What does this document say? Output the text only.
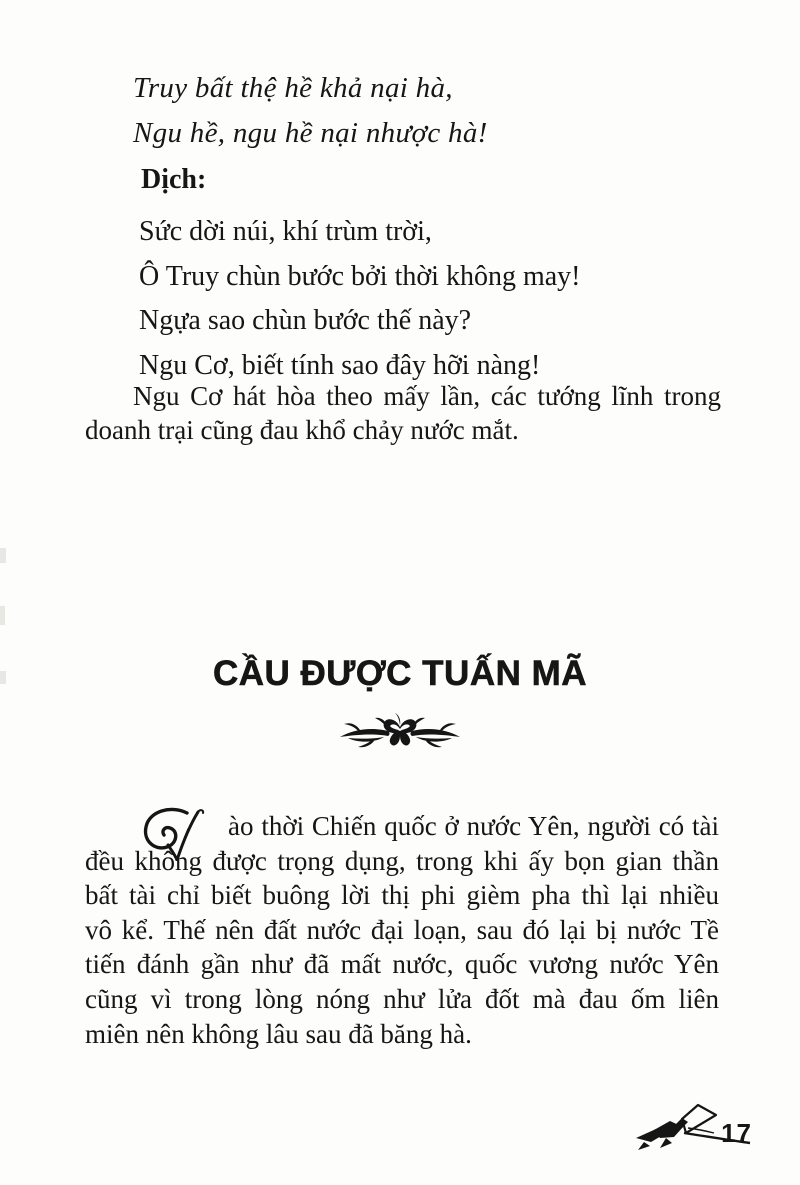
Truy bất thệ hề khả nại hà,
Ngu hề, ngu hề nại nhược hà!
Dịch:
Sức dời núi, khí trùm trời,
Ô Truy chùn bước bởi thời không may!
Ngựa sao chùn bước thế này?
Ngu Cơ, biết tính sao đây hỡi nàng!
Ngu Cơ hát hòa theo mấy lần, các tướng lĩnh trong
doanh trại cũng đau khổ chảy nước mắt.
CẦU ĐƯỢC TUẤN MÃ
ào thời Chiến quốc ở nước Yên, người có tài
đều không được trọng dụng, trong khi ấy bọn gian thần
bất tài chỉ biết buông lời thị phi gièm pha thì lại nhiều
vô kể. Thế nên đất nước đại loạn, sau đó lại bị nước Tề
tiến đánh gần như đã mất nước, quốc vương nước Yên
cũng vì trong lòng nóng như lửa đốt mà đau ốm liên
miên nên không lâu sau đã băng hà.
17
